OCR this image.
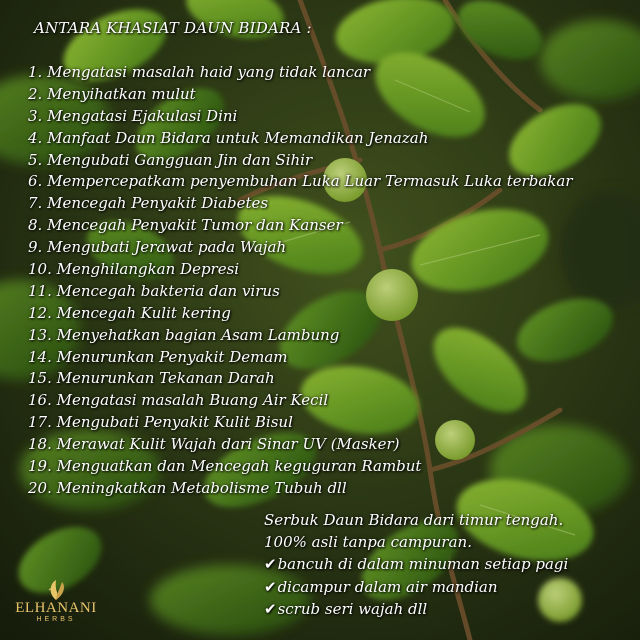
ANTARA KHASIAT DAUN BIDARA :
1. Mengatasi masalah haid yang tidak lancar
2. Menyihatkan mulut
3. Mengatasi Ejakulasi Dini
4. Manfaat Daun Bidara untuk Memandikan Jenazah
5. Mengubati Gangguan Jin dan Sihir
6. Mempercepatkam penyembuhan Luka Luar Termasuk Luka terbakar
7. Mencegah Penyakit Diabetes
8. Mencegah Penyakit Tumor dan Kanser
9. Mengubati Jerawat pada Wajah
10. Menghilangkan Depresi
11. Mencegah bakteria dan virus
12. Mencegah Kulit kering
13. Menyehatkan bagian Asam Lambung
14. Menurunkan Penyakit Demam
15. Menurunkan Tekanan Darah
16. Mengatasi masalah Buang Air Kecil
17. Mengubati Penyakit Kulit Bisul
18. Merawat Kulit Wajah dari Sinar UV (Masker)
19. Menguatkan dan Mencegah keguguran Rambut
20. Meningkatkan Metabolisme Tubuh dll
Serbuk Daun Bidara dari timur tengah.
100% asli tanpa campuran.
✔bancuh di dalam minuman setiap pagi
✔dicampur dalam air mandian
✔scrub seri wajah dll
ELHANANI
HERBS
